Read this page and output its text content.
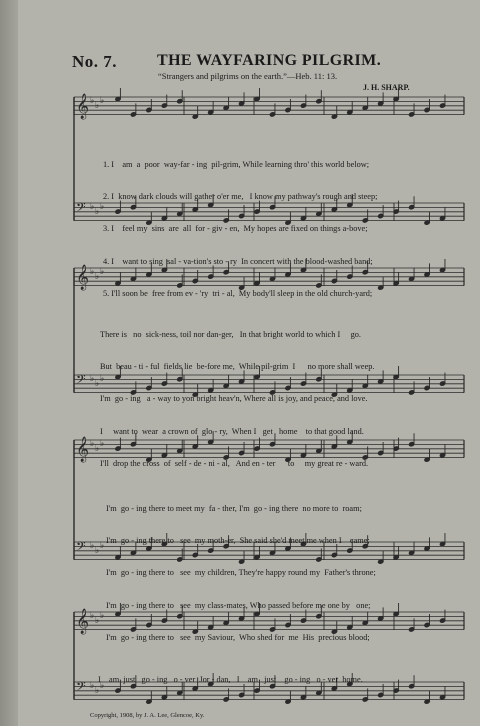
No. 7. THE WAYFARING PILGRIM.
“Strangers and pilgrims on the earth.”—Heb. 11: 13.
J. H. SHARP.
𝄞 ♭ ♭ ♭
𝄢 ♭ ♭ ♭
𝄞 ♭ ♭ ♭
𝄢 ♭ ♭ ♭
𝄞 ♭ ♭ ♭
𝄢 ♭ ♭ ♭
𝄞 ♭ ♭ ♭
𝄢 ♭ ♭ ♭

1. I    am  a  poor  way-far - ing  pil-grim, While learning thro' this world below;

2. I  know dark clouds will gather o'er me,   I know my pathway's rough and steep;

3. I    feel my  sins  are  all  for - giv - en,  My hopes are fixed on things a-bove;

4. I    want to sing  sal - va-tion's sto - ry  In concert with the blood-washed band;

5. I'll soon be  free from ev - 'ry  tri - al,  My body'll sleep in the old church-yard;

There is   no  sick-ness, toil nor dan-ger,   In that bright world to which I     go.

But  beau - ti - ful  fields lie  be-fore me,  While pil-grim  I      no more shall weep.

I'm  go - ing   a - way to yon bright heav'n, Where all is joy, and peace, and love.

I     want to  wear  a crown of  glo - ry,  When I   get   home    to that good land.

I'll  drop the cross  of  self - de - ni - al,   And en - ter      to     my great re - ward.

I'm  go - ing there to meet my  fa - ther, I'm  go - ing there  no more to  roam;

I'm  go - ing there to   see  my moth-er,  She said she'd meet me when I    came;

I'm  go - ing there to   see  my children, They're happy round my  Father's throne;

I'm  go - ing there to   see  my class-mates, Who passed before me one by   one;

I'm  go - ing there to   see  my Saviour,  Who shed for  me  His  precious blood;

I    am  just   go - ing   o - ver  Jor - dan,   I    am   just    go - ing   o - ver  home.

Copyright, 1908, by J. A. Lee, Glencoe, Ky.
